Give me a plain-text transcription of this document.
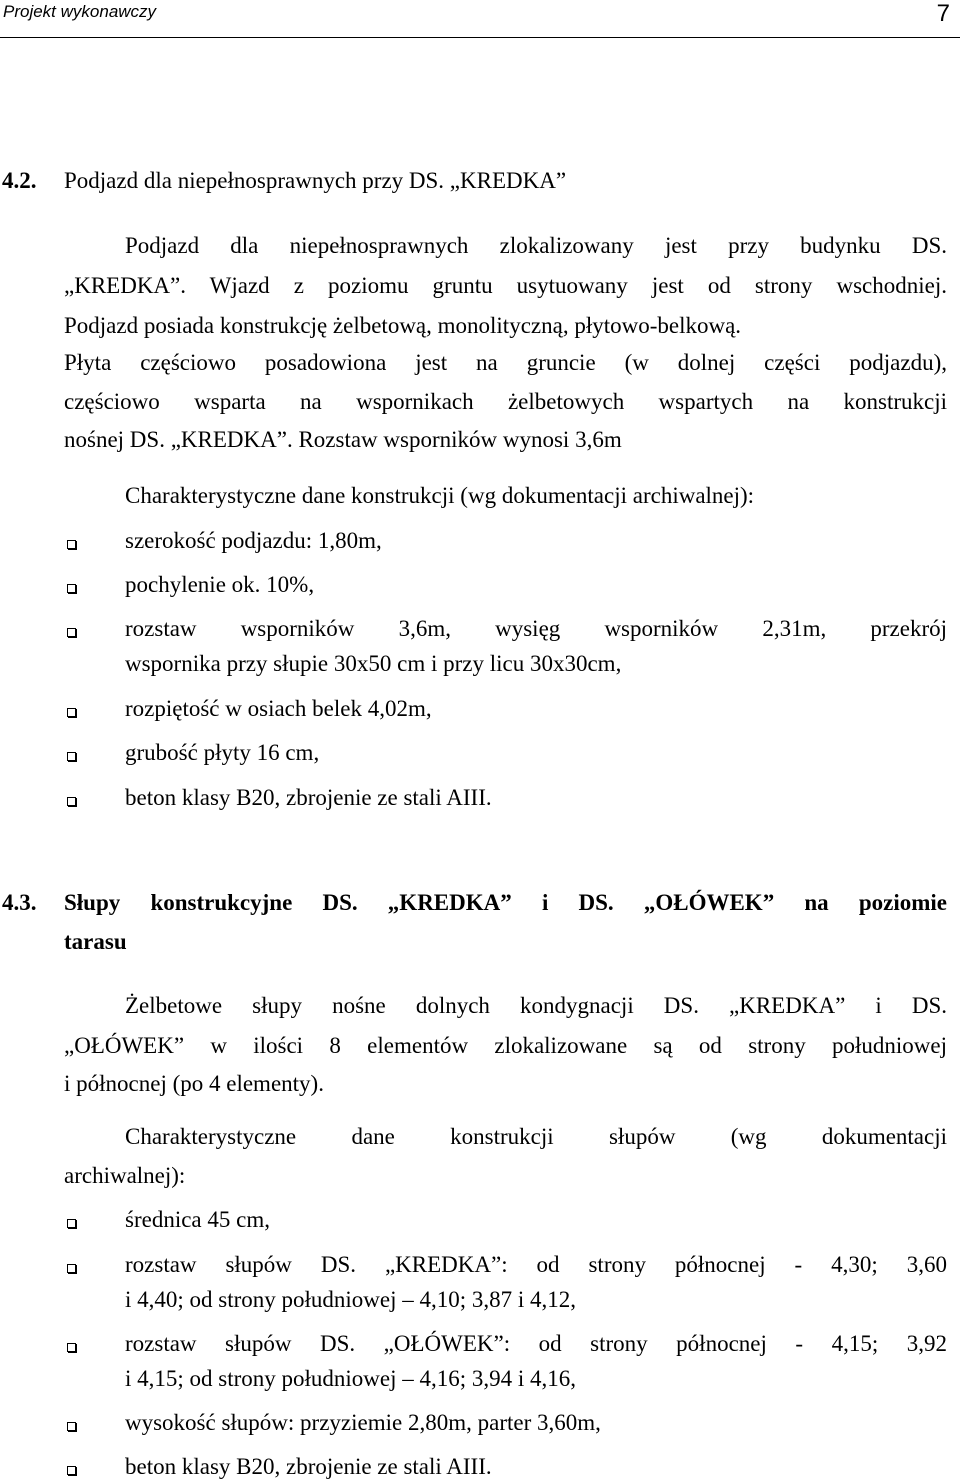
Projekt wykonawczy	7
4.2. Podjazd dla niepełnosprawnych przy DS. „KREDKA”
Podjazd dla niepełnosprawnych zlokalizowany jest przy budynku DS.
„KREDKA”. Wjazd z poziomu gruntu usytuowany jest od strony wschodniej.
Podjazd posiada konstrukcję żelbetową, monolityczną, płytowo-belkową.
Płyta częściowo posadowiona jest na gruncie (w dolnej części podjazdu),
częściowo wsparta na wspornikach żelbetowych wspartych na konstrukcji
nośnej DS. „KREDKA”. Rozstaw wsporników wynosi 3,6m
Charakterystyczne dane konstrukcji (wg dokumentacji archiwalnej):
szerokość podjazdu: 1,80m,
pochylenie ok. 10%,
rozstaw wsporników 3,6m, wysięg wsporników 2,31m, przekrój
wspornika przy słupie 30x50 cm i przy licu 30x30cm,
rozpiętość w osiach belek 4,02m,
grubość płyty 16 cm,
beton klasy B20, zbrojenie ze stali AIII.
4.3. Słupy konstrukcyjne DS. „KREDKA” i DS. „OŁÓWEK” na poziomie
tarasu
Żelbetowe słupy nośne dolnych kondygnacji DS. „KREDKA” i DS.
„OŁÓWEK” w ilości 8 elementów zlokalizowane są od strony południowej
i północnej (po 4 elementy).
Charakterystyczne dane konstrukcji słupów (wg dokumentacji
archiwalnej):
średnica 45 cm,
rozstaw słupów DS. „KREDKA”: od strony północnej - 4,30; 3,60
i 4,40; od strony południowej – 4,10; 3,87 i 4,12,
rozstaw słupów DS. „OŁÓWEK”: od strony północnej - 4,15; 3,92
i 4,15; od strony południowej – 4,16; 3,94 i 4,16,
wysokość słupów: przyziemie 2,80m, parter 3,60m,
beton klasy B20, zbrojenie ze stali AIII.
